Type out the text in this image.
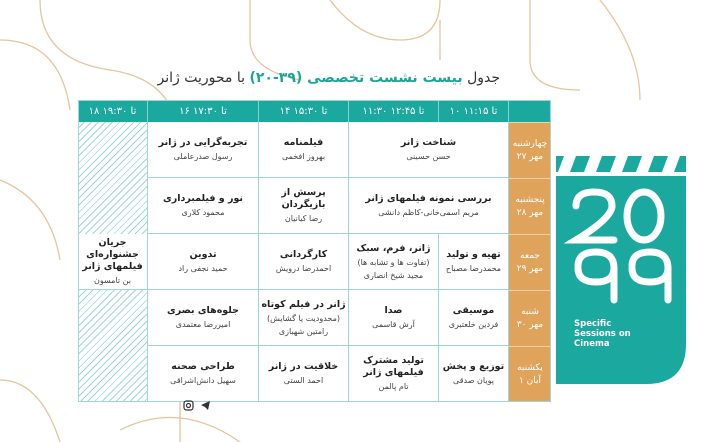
جدول بیست نشست تخصصی (۳۹-۲۰) با محوریت ژانر
۱۰ تا ۱۱:۱۵
۱۱:۳۰ تا ۱۲:۴۵
۱۴ تا ۱۵:۳۰
۱۶ تا ۱۷:۳۰
۱۸ تا ۱۹:۳۰
چهارشنبه
۲۷ مهر
پنجشنبه
۲۸ مهر
جمعه
۲۹ مهر
شنبه
۳۰ مهر
یکشنبه
۱ آبان
شناخت ژانر
حسن حسینی
فیلمنامه
بهروز افخمی
تجربه‌گرایی در ژانر
رسول صدرعاملی
بررسی نمونه فیلمهای ژانر
مریم اسمی‌خانی-کاظم دانشی
پرسش از بازیگردان
رضا کیانیان
نور و فیلمبرداری
محمود کلاری
تهیه و تولید
محمدرضا مصباح
ژانر، فرم، سبک
(تفاوت ها و تشابه ها)
مجید شیخ انصاری
کارگردانی
احمدرضا درویش
تدوین
حمید نجفی راد
جریان جشنواره‌ای فیلمهای ژانر
بن تامسون
موسیقی
فردین خلعتبری
صدا
آرش قاسمی
ژانر در فیلم کوتاه
(محدودیت یا گشایش)
رامتین شهبازی
جلوه‌های بصری
امیررضا معتمدی
توزیع و پخش
پویان صدقی
تولید مشترک فیلمهای ژانر
تام پالمن
خلاقیت در ژانر
احمد الستی
طراحی صحنه
سهیل دانش‌اشراقی
Specific
Sessions on
Cinema
